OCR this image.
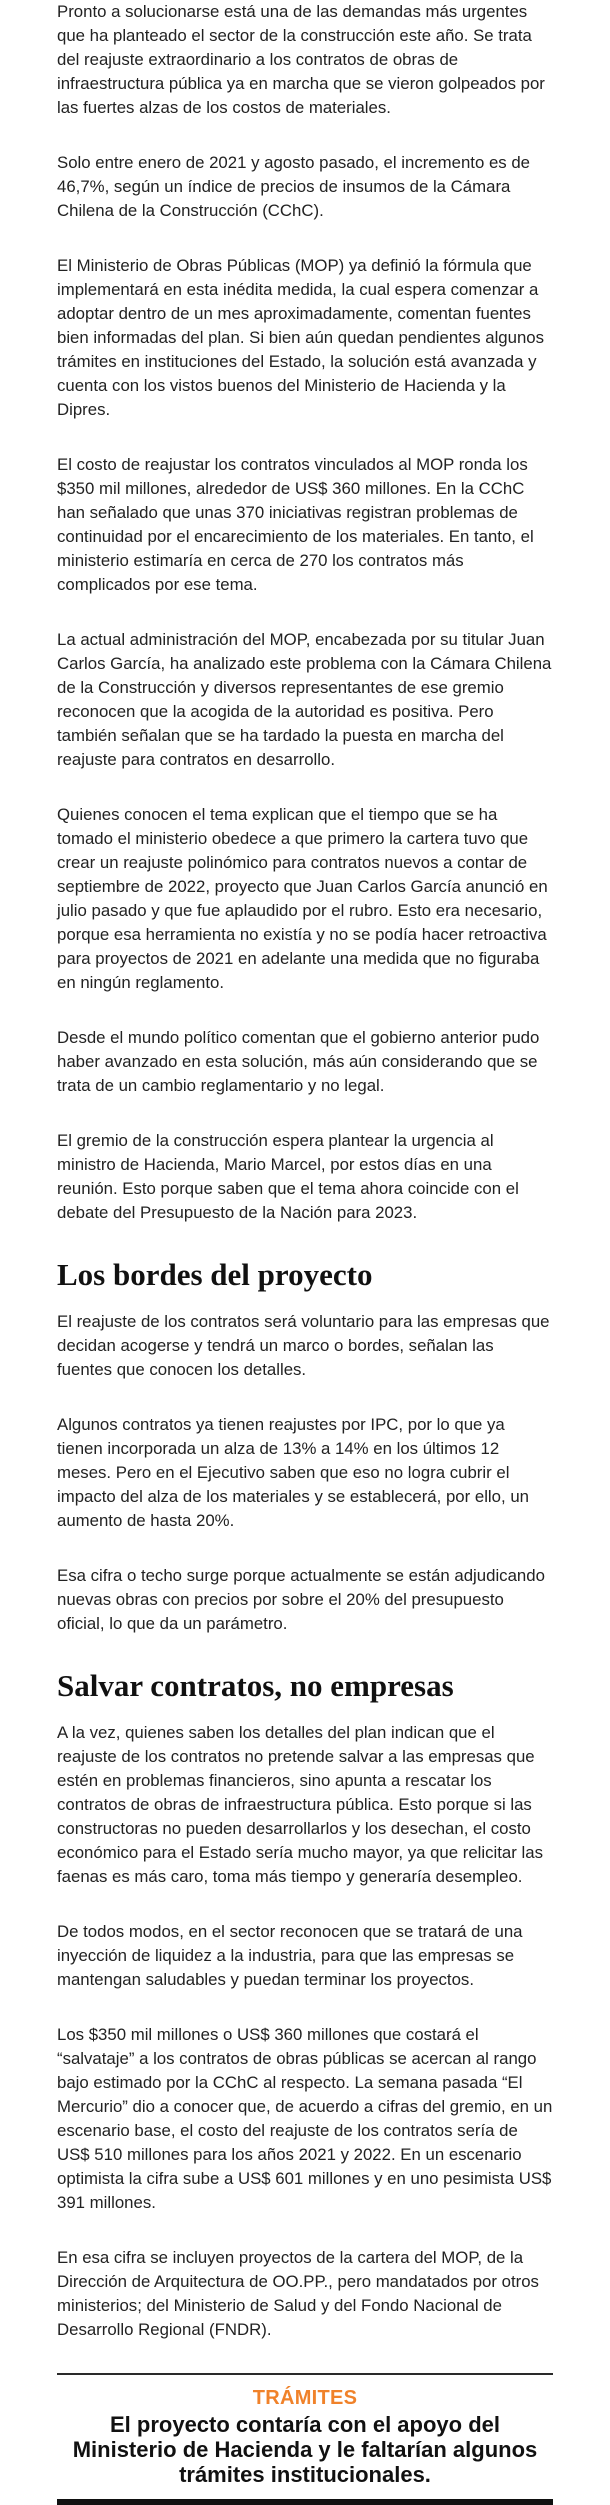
Pronto a solucionarse está una de las demandas más urgentes que ha planteado el sector de la construcción este año. Se trata del reajuste extraordinario a los contratos de obras de infraestructura pública ya en marcha que se vieron golpeados por las fuertes alzas de los costos de materiales.

Solo entre enero de 2021 y agosto pasado, el incremento es de 46,7%, según un índice de precios de insumos de la Cámara Chilena de la Construcción (CChC).

El Ministerio de Obras Públicas (MOP) ya definió la fórmula que implementará en esta inédita medida, la cual espera comenzar a adoptar dentro de un mes aproximadamente, comentan fuentes bien informadas del plan. Si bien aún quedan pendientes algunos trámites en instituciones del Estado, la solución está avanzada y cuenta con los vistos buenos del Ministerio de Hacienda y la Dipres.

El costo de reajustar los contratos vinculados al MOP ronda los $350 mil millones, alrededor de US$ 360 millones. En la CChC han señalado que unas 370 iniciativas registran problemas de continuidad por el encarecimiento de los materiales. En tanto, el ministerio estimaría en cerca de 270 los contratos más complicados por ese tema.

La actual administración del MOP, encabezada por su titular Juan Carlos García, ha analizado este problema con la Cámara Chilena de la Construcción y diversos representantes de ese gremio reconocen que la acogida de la autoridad es positiva. Pero también señalan que se ha tardado la puesta en marcha del reajuste para contratos en desarrollo.

Quienes conocen el tema explican que el tiempo que se ha tomado el ministerio obedece a que primero la cartera tuvo que crear un reajuste polinómico para contratos nuevos a contar de septiembre de 2022, proyecto que Juan Carlos García anunció en julio pasado y que fue aplaudido por el rubro. Esto era necesario, porque esa herramienta no existía y no se podía hacer retroactiva para proyectos de 2021 en adelante una medida que no figuraba en ningún reglamento.

Desde el mundo político comentan que el gobierno anterior pudo haber avanzado en esta solución, más aún considerando que se trata de un cambio reglamentario y no legal.

El gremio de la construcción espera plantear la urgencia al ministro de Hacienda, Mario Marcel, por estos días en una reunión. Esto porque saben que el tema ahora coincide con el debate del Presupuesto de la Nación para 2023.

Los bordes del proyecto

El reajuste de los contratos será voluntario para las empresas que decidan acogerse y tendrá un marco o bordes, señalan las fuentes que conocen los detalles.

Algunos contratos ya tienen reajustes por IPC, por lo que ya tienen incorporada un alza de 13% a 14% en los últimos 12 meses. Pero en el Ejecutivo saben que eso no logra cubrir el impacto del alza de los materiales y se establecerá, por ello, un aumento de hasta 20%.

Esa cifra o techo surge porque actualmente se están adjudicando nuevas obras con precios por sobre el 20% del presupuesto oficial, lo que da un parámetro.

Salvar contratos, no empresas

A la vez, quienes saben los detalles del plan indican que el reajuste de los contratos no pretende salvar a las empresas que estén en problemas financieros, sino apunta a rescatar los contratos de obras de infraestructura pública. Esto porque si las constructoras no pueden desarrollarlos y los desechan, el costo económico para el Estado sería mucho mayor, ya que relicitar las faenas es más caro, toma más tiempo y generaría desempleo.

De todos modos, en el sector reconocen que se tratará de una inyección de liquidez a la industria, para que las empresas se mantengan saludables y puedan terminar los proyectos.

Los $350 mil millones o US$ 360 millones que costará el “salvataje” a los contratos de obras públicas se acercan al rango bajo estimado por la CChC al respecto. La semana pasada “El Mercurio” dio a conocer que, de acuerdo a cifras del gremio, en un escenario base, el costo del reajuste de los contratos sería de US$ 510 millones para los años 2021 y 2022. En un escenario optimista la cifra sube a US$ 601 millones y en uno pesimista US$ 391 millones.

En esa cifra se incluyen proyectos de la cartera del MOP, de la Dirección de Arquitectura de OO.PP., pero mandatados por otros ministerios; del Ministerio de Salud y del Fondo Nacional de Desarrollo Regional (FNDR).

TRÁMITES

El proyecto contaría con el apoyo del Ministerio de Hacienda y le faltarían algunos trámites institucionales.
